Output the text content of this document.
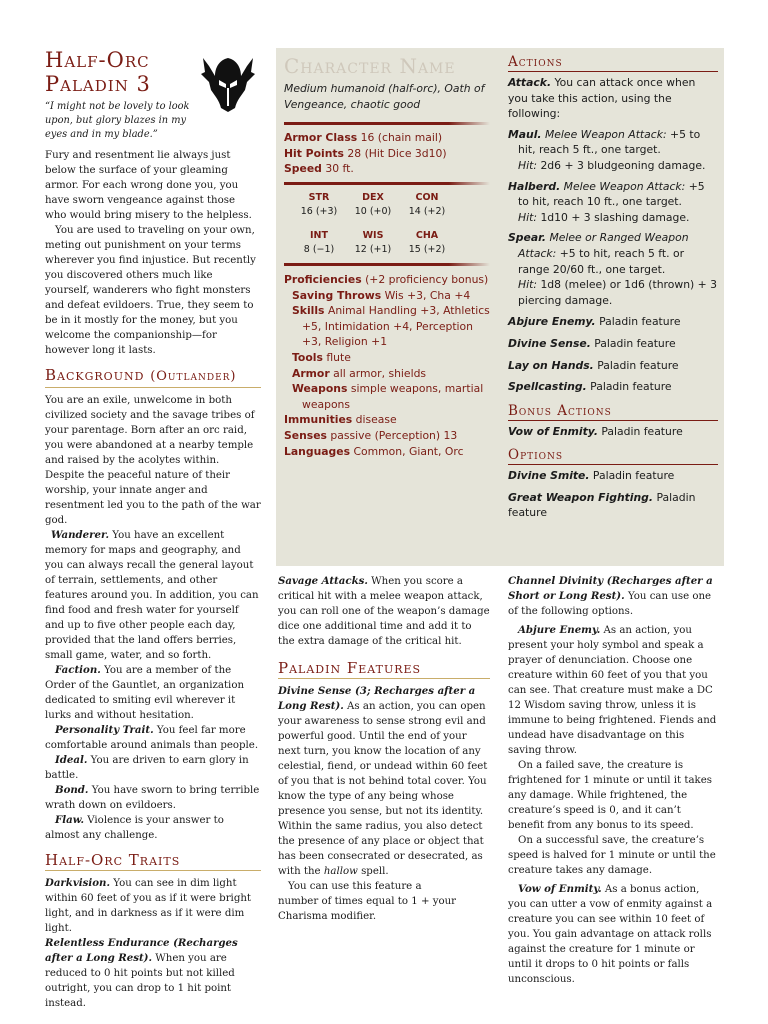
Half-Orc
Paladin 3

“I might not be lovely to look upon, but glory blazes in my eyes and in my blade.”

Fury and resentment lie always just below the surface of your gleaming armor. For each wrong done you, you have sworn vengeance against those who would bring misery to the helpless.

You are used to traveling on your own, meting out punishment on your terms wherever you find injustice. But recently you discovered others much like yourself, wanderers who fight monsters and defeat evildoers. True, they seem to be in it mostly for the money, but you welcome the companionship—for however long it lasts.

Background (Outlander)

You are an exile, unwelcome in both civilized society and the savage tribes of your parentage. Born after an orc raid, you were abandoned at a nearby temple and raised by the acolytes within. Despite the peaceful nature of their worship, your innate anger and resentment led you to the path of the war god.

Wanderer. You have an excellent memory for maps and geography, and you can always recall the general layout of terrain, settlements, and other features around you. In addition, you can find food and fresh water for yourself and up to five other people each day, provided that the land offers berries, small game, water, and so forth.

Faction. You are a member of the Order of the Gauntlet, an organization dedicated to smiting evil wherever it lurks and without hesitation.

Personality Trait. You feel far more comfortable around animals than people.

Ideal. You are driven to earn glory in battle.

Bond. You have sworn to bring terrible wrath down on evildoers.

Flaw. Violence is your answer to almost any challenge.

Half-Orc Traits

Darkvision. You can see in dim light within 60 feet of you as if it were bright light, and in darkness as if it were dim light.

Relentless Endurance (Recharges after a Long Rest). When you are reduced to 0 hit points but not killed outright, you can drop to 1 hit point instead.

Character Name

Medium humanoid (half-orc), Oath of Vengeance, chaotic good

Armor Class 16 (chain mail)

Hit Points 28 (Hit Dice 3d10)

Speed 30 ft.

STR	DEX	CON
16 (+3)	10 (+0)	14 (+2)

INT	WIS	CHA
8 (−1)	12 (+1)	15 (+2)

Proficiencies (+2 proficiency bonus)

Saving Throws Wis +3, Cha +4

Skills Animal Handling +3, Athletics +5, Intimidation +4, Perception +3, Religion +1

Tools flute

Armor all armor, shields

Weapons simple weapons, martial weapons

Immunities disease

Senses passive (Perception) 13

Languages Common, Giant, Orc

Actions

Attack. You can attack once when you take this action, using the following:

Maul. Melee Weapon Attack: +5 to hit, reach 5 ft., one target.
Hit: 2d6 + 3 bludgeoning damage.

Halberd. Melee Weapon Attack: +5 to hit, reach 10 ft., one target.
Hit: 1d10 + 3 slashing damage.

Spear. Melee or Ranged Weapon Attack: +5 to hit, reach 5 ft. or range 20/60 ft., one target.
Hit: 1d8 (melee) or 1d6 (thrown) + 3 piercing damage.

Abjure Enemy. Paladin feature

Divine Sense. Paladin feature

Lay on Hands. Paladin feature

Spellcasting. Paladin feature

Bonus Actions

Vow of Enmity. Paladin feature

Options

Divine Smite. Paladin feature

Great Weapon Fighting. Paladin feature

Savage Attacks. When you score a critical hit with a melee weapon attack, you can roll one of the weapon’s damage dice one additional time and add it to the extra damage of the critical hit.

Paladin Features

Divine Sense (3; Recharges after a Long Rest). As an action, you can open your awareness to sense strong evil and powerful good. Until the end of your next turn, you know the location of any celestial, fiend, or undead within 60 feet of you that is not behind total cover. You know the type of any being whose presence you sense, but not its identity. Within the same radius, you also detect the presence of any place or object that has been consecrated or desecrated, as with the hallow spell.

You can use this feature a number of times equal to 1 + your Charisma modifier.

Channel Divinity (Recharges after a Short or Long Rest). You can use one of the following options.

Abjure Enemy. As an action, you present your holy symbol and speak a prayer of denunciation. Choose one creature within 60 feet of you that you can see. That creature must make a DC 12 Wisdom saving throw, unless it is immune to being frightened. Fiends and undead have disadvantage on this saving throw.

On a failed save, the creature is frightened for 1 minute or until it takes any damage. While frightened, the creature’s speed is 0, and it can’t benefit from any bonus to its speed.

On a successful save, the creature’s speed is halved for 1 minute or until the creature takes any damage.

Vow of Enmity. As a bonus action, you can utter a vow of enmity against a creature you can see within 10 feet of you. You gain advantage on attack rolls against the creature for 1 minute or until it drops to 0 hit points or falls unconscious.
